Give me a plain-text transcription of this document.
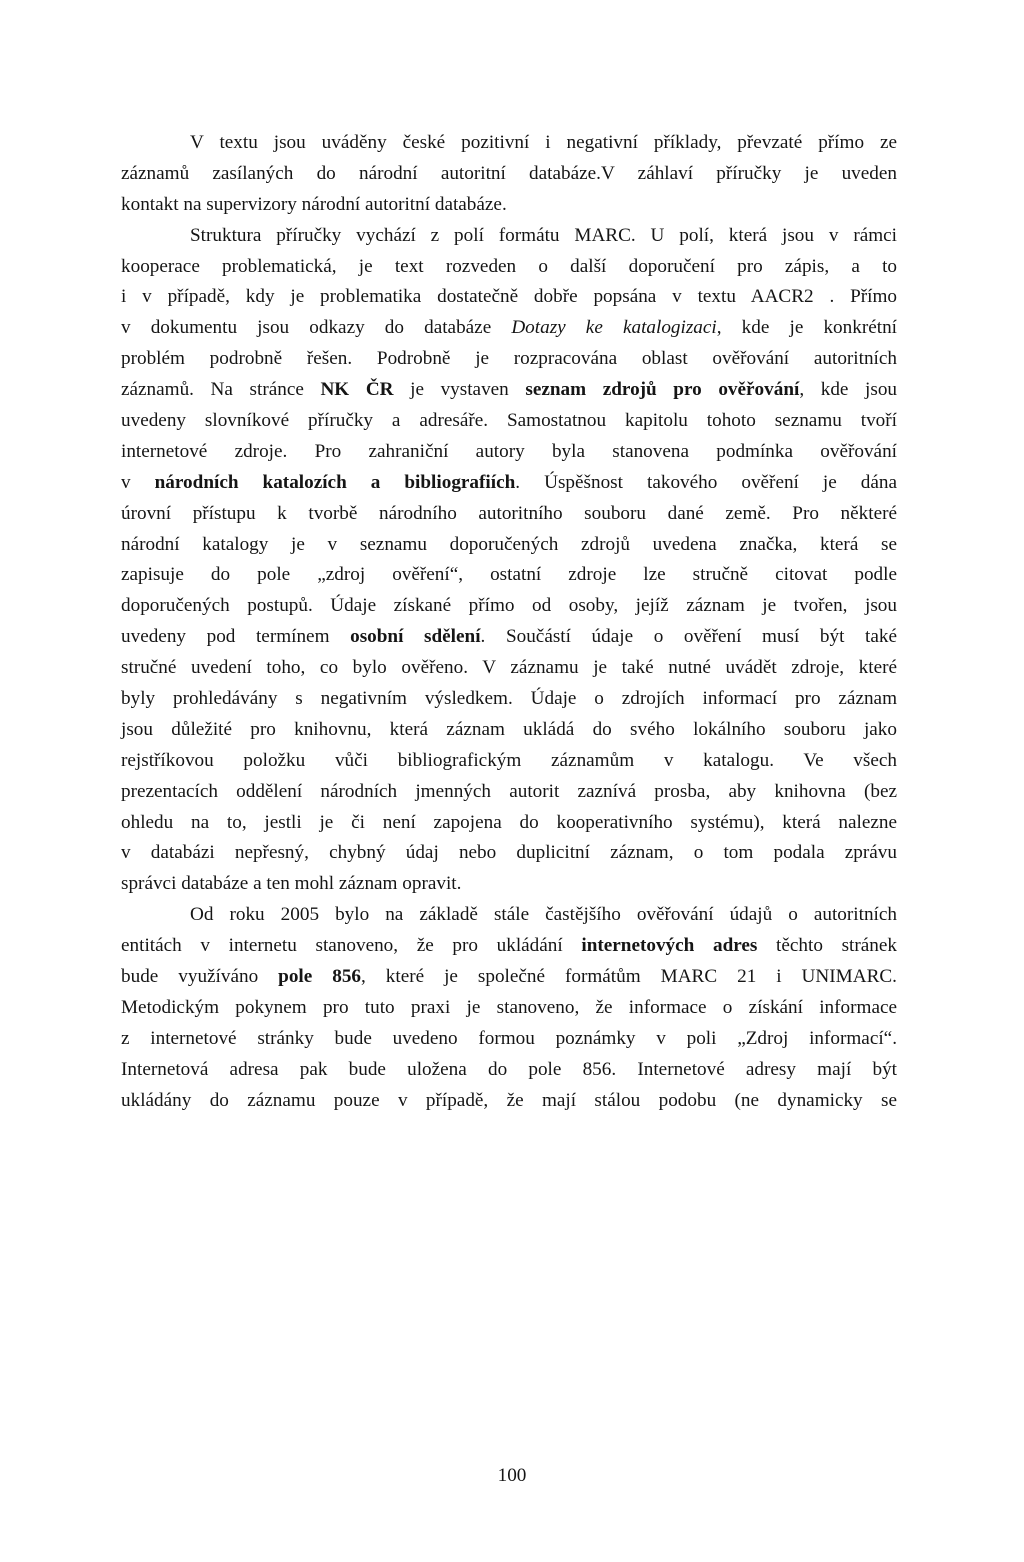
V textu jsou uváděny české pozitivní i negativní příklady, převzaté přímo ze
záznamů zasílaných do národní autoritní databáze.V záhlaví příručky je uveden
kontakt na supervizory národní autoritní databáze.
Struktura příručky vychází z polí formátu MARC. U polí, která jsou v rámci
kooperace problematická, je text rozveden o další doporučení pro zápis, a to
i v případě, kdy je problematika dostatečně dobře popsána v textu AACR2 . Přímo
v dokumentu jsou odkazy do databáze Dotazy ke katalogizaci, kde je konkrétní
problém podrobně řešen. Podrobně je rozpracována oblast ověřování autoritních
záznamů. Na stránce NK ČR je vystaven seznam zdrojů pro ověřování, kde jsou
uvedeny slovníkové příručky a adresáře. Samostatnou kapitolu tohoto seznamu tvoří
internetové zdroje. Pro zahraniční autory byla stanovena podmínka ověřování
v národních katalozích a bibliografiích. Úspěšnost takového ověření je dána
úrovní přístupu k tvorbě národního autoritního souboru dané země. Pro některé
národní katalogy je v seznamu doporučených zdrojů uvedena značka, která se
zapisuje do pole „zdroj ověření“, ostatní zdroje lze stručně citovat podle
doporučených postupů. Údaje získané přímo od osoby, jejíž záznam je tvořen, jsou
uvedeny pod termínem osobní sdělení. Součástí údaje o ověření musí být také
stručné uvedení toho, co bylo ověřeno. V záznamu je také nutné uvádět zdroje, které
byly prohledávány s negativním výsledkem. Údaje o zdrojích informací pro záznam
jsou důležité pro knihovnu, která záznam ukládá do svého lokálního souboru jako
rejstříkovou položku vůči bibliografickým záznamům v katalogu. Ve všech
prezentacích oddělení národních jmenných autorit zaznívá prosba, aby knihovna (bez
ohledu na to, jestli je či není zapojena do kooperativního systému), která nalezne
v databázi nepřesný, chybný údaj nebo duplicitní záznam, o tom podala zprávu
správci databáze a ten mohl záznam opravit.
Od roku 2005 bylo na základě stále častějšího ověřování údajů o autoritních
entitách v internetu stanoveno, že pro ukládání internetových adres těchto stránek
bude využíváno pole 856, které je společné formátům MARC 21 i UNIMARC.
Metodickým pokynem pro tuto praxi je stanoveno, že informace o získání informace
z internetové stránky bude uvedeno formou poznámky v poli „Zdroj informací“.
Internetová adresa pak bude uložena do pole 856. Internetové adresy mají být
ukládány do záznamu pouze v případě, že mají stálou podobu (ne dynamicky se
100
